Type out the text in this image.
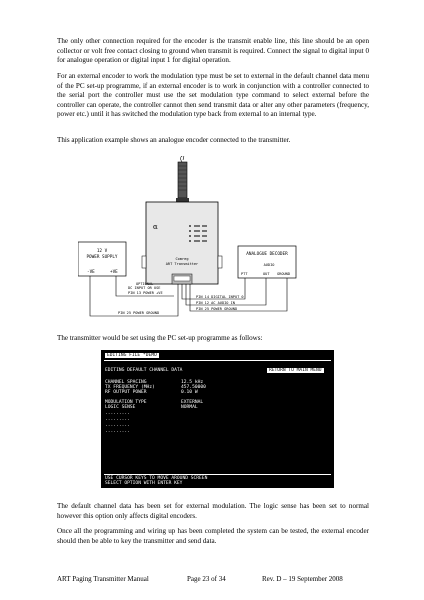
The only other connection required for the encoder is the transmit enable line, this line should be an open collector or volt free contact closing to ground when transmit is required. Connect the signal to digital input 0 for analogue operation or digital input 1 for digital operation.

For an external encoder to work the modulation type must be set to external in the default channel data menu of the PC set-up programme, if an external encoder is to work in conjunction with a controller connected to the serial port the controller must use the set modulation type command to select external before the controller can operate, the controller cannot then send transmit data or alter any other parameters (frequency, power etc.) until it has switched the modulation type back from external to an internal type.

This application example shows an analogue encoder connected to the transmitter.

α
Comreg
ART Transmitter
12 V
POWER SUPPLY
-VE	+VE
ANALOGUE DECODER
AUDIO
PTT	OUT GROUND
OPTIONAL
DC INPUT OR USE
PIN 13 POWER +VE
PIN 14 DIGITAL INPUT 0
PIN 12 AC AUDIO IN
PIN 25 POWER GROUND
PIN 25 POWER GROUND

The transmitter would be set using the PC set-up programme as follows:

EDITING FILE *DEMO
EDITING DEFAULT CHANNEL DATA	RETURN TO MAIN MENU
CHANNEL SPACING	12.5 kHz
TX FREQUENCY (MHz)	457.50000
RF OUTPUT POWER	0.10 W
MODULATION TYPE	EXTERNAL
LOGIC SENSE	NORMAL
.........
.........
.........
.........
USE CURSOR KEYS TO MOVE AROUND SCREEN
SELECT OPTION WITH ENTER KEY

The default channel data has been set for external modulation. The logic sense has been set to normal however this option only affects digital encoders.

Once all the programming and wiring up has been completed the system can be tested, the external encoder should then be able to key the transmitter and send data.

ART Paging Transmitter Manual	Page 23 of 34	Rev. D – 19 September 2008
